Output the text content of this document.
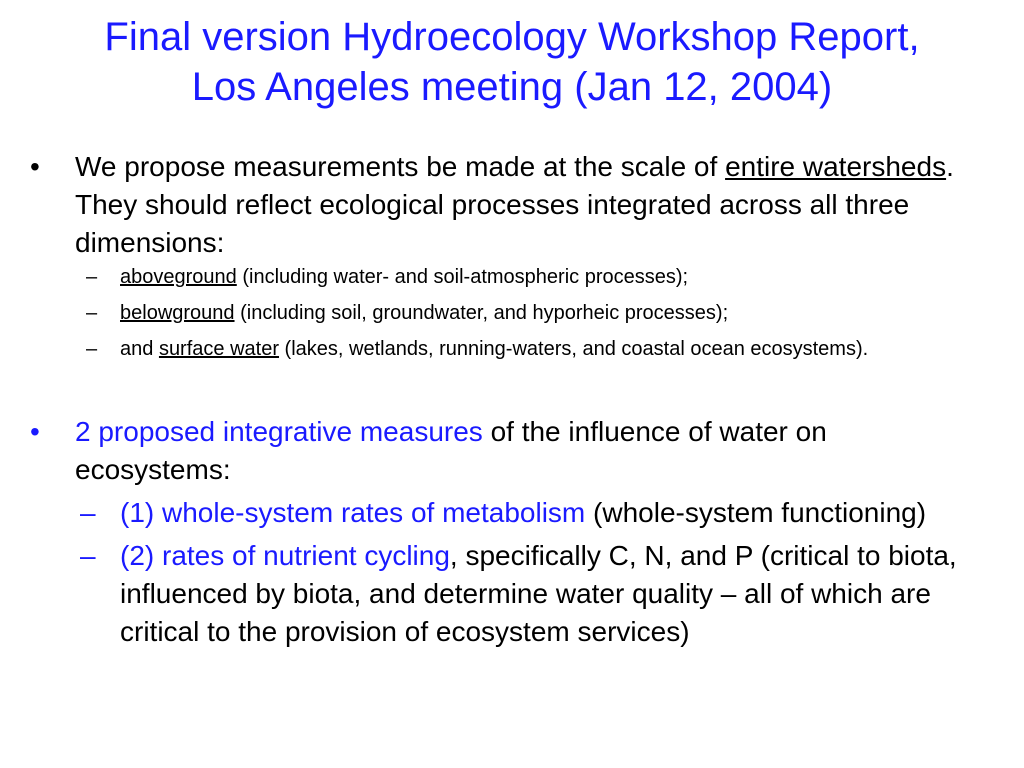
Final version Hydroecology Workshop Report,
Los Angeles meeting (Jan 12, 2004)
• We propose measurements be made at the scale of entire watersheds. They should reflect ecological processes integrated across all three dimensions:
– aboveground (including water- and soil-atmospheric processes);
– belowground (including soil, groundwater, and hyporheic processes);
– and surface water (lakes, wetlands, running-waters, and coastal ocean ecosystems).
• 2 proposed integrative measures of the influence of water on ecosystems:
– (1) whole-system rates of metabolism (whole-system functioning)
– (2) rates of nutrient cycling, specifically C, N, and P (critical to biota, influenced by biota, and determine water quality – all of which are critical to the provision of ecosystem services)
